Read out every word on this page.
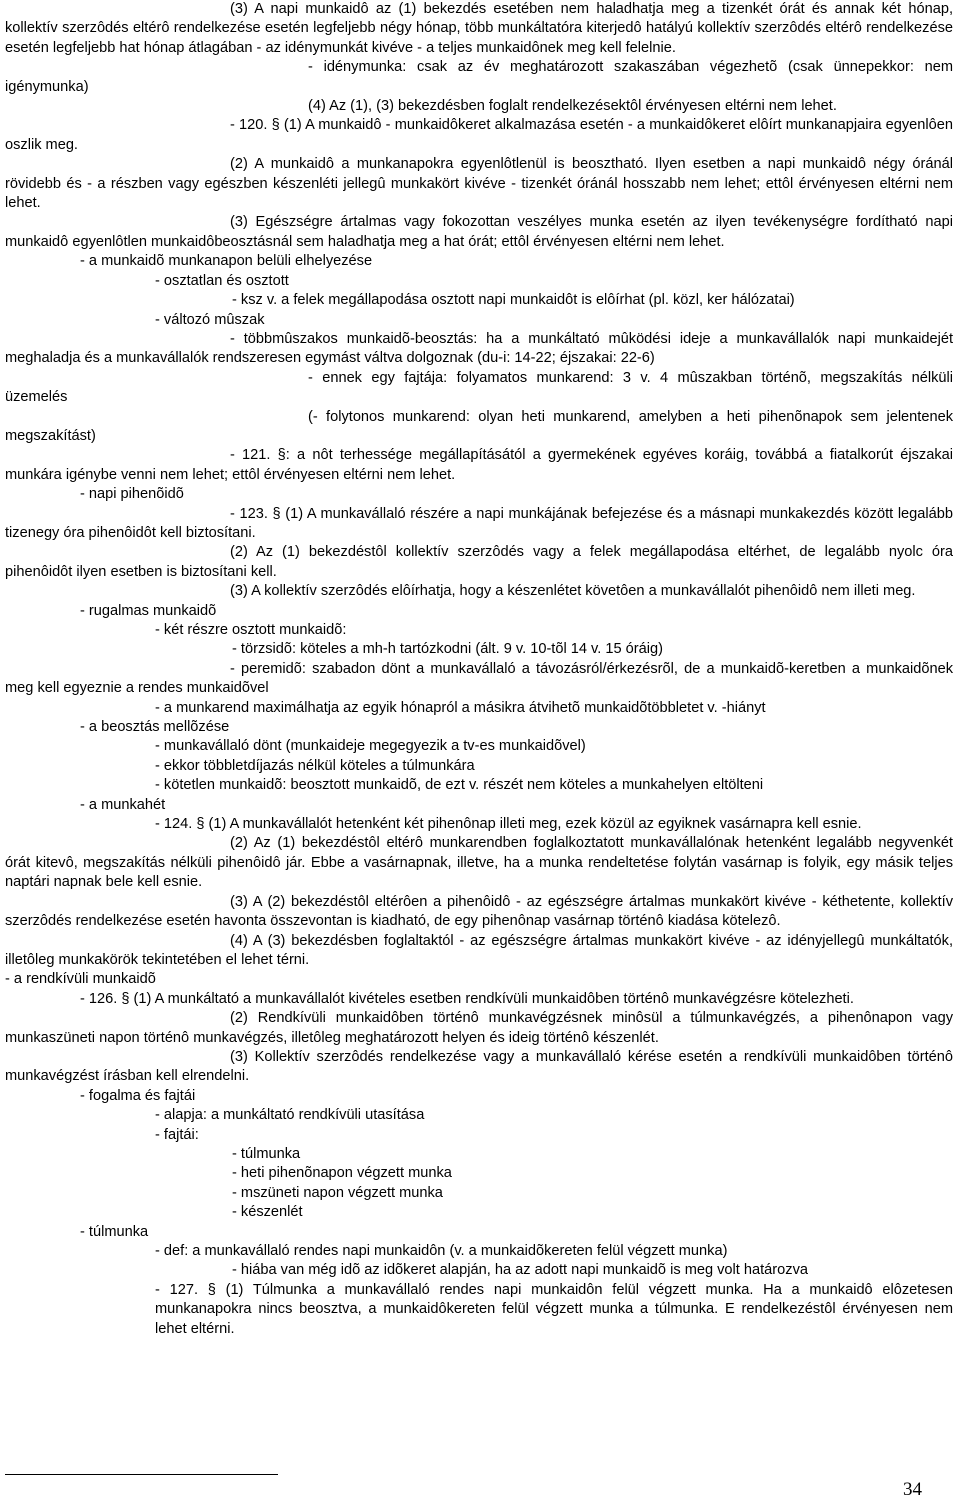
(3) A napi munkaidô az (1) bekezdés esetében nem haladhatja meg a tizenkét órát és annak két hónap, kollektív szerzôdés eltérô rendelkezése esetén legfeljebb négy hónap, több munkáltatóra kiterjedô hatályú kollektív szerzôdés eltérô rendelkezése esetén legfeljebb hat hónap átlagában - az idénymunkát kivéve - a teljes munkaidônek meg kell felelnie.

- idénymunka: csak az év meghatározott szakaszában végezhetõ (csak ünnepekkor: nem igénymunka)

(4) Az (1), (3) bekezdésben foglalt rendelkezésektôl érvényesen eltérni nem lehet.

- 120. § (1) A munkaidô - munkaidôkeret alkalmazása esetén - a munkaidôkeret elôírt munkanapjaira egyenlôen oszlik meg.

(2) A munkaidô a munkanapokra egyenlôtlenül is beosztható. Ilyen esetben a napi munkaidô négy óránál rövidebb és - a részben vagy egészben készenléti jellegû munkakört kivéve - tizenkét óránál hosszabb nem lehet; ettôl érvényesen eltérni nem lehet.

(3) Egészségre ártalmas vagy fokozottan veszélyes munka esetén az ilyen tevékenységre fordítható napi munkaidô egyenlôtlen munkaidôbeosztásnál sem haladhatja meg a hat órát; ettôl érvényesen eltérni nem lehet.

- a munkaidõ munkanapon belüli elhelyezése

- osztatlan és osztott

- ksz v. a felek megállapodása osztott napi munkaidôt is elôírhat (pl. közl, ker hálózatai)

- változó mûszak

- többmûszakos munkaidõ-beosztás: ha a munkáltató mûködési ideje a munkavállalók napi munkaidejét meghaladja és a munkavállalók rendszeresen egymást váltva dolgoznak (du-i: 14-22; éjszakai: 22-6)

- ennek egy fajtája: folyamatos munkarend: 3 v. 4 mûszakban történõ, megszakítás nélküli üzemelés

(- folytonos munkarend: olyan heti munkarend, amelyben a heti pihenõnapok sem jelentenek megszakítást)

- 121. §: a nôt terhessége megállapításától a gyermekének egyéves koráig, továbbá a fiatalkorút éjszakai munkára igénybe venni nem lehet; ettôl érvényesen eltérni nem lehet.

- napi pihenõidõ

- 123. § (1) A munkavállaló részére a napi munkájának befejezése és a másnapi munkakezdés között legalább tizenegy óra pihenôidôt kell biztosítani.

(2) Az (1) bekezdéstôl kollektív szerzôdés vagy a felek megállapodása eltérhet, de legalább nyolc óra pihenôidôt ilyen esetben is biztosítani kell.

(3) A kollektív szerzôdés elôírhatja, hogy a készenlétet követôen a munkavállalót pihenôidô nem illeti meg.

- rugalmas munkaidõ

- két részre osztott munkaidõ:

- törzsidõ: köteles a mh-h tartózkodni (ált. 9 v. 10-tõl 14 v. 15 óráig)

- peremidõ: szabadon dönt a munkavállaló a távozásról/érkezésrõl, de a munkaidõ-keretben a munkaidõnek meg kell egyeznie a rendes munkaidõvel

- a munkarend maximálhatja az egyik hónapról a másikra átvihetõ munkaidõtöbbletet v. -hiányt

- a beosztás mellõzése

- munkavállaló dönt (munkaideje megegyezik a tv-es munkaidõvel)

- ekkor többletdíjazás nélkül köteles a túlmunkára

- kötetlen munkaidõ: beosztott munkaidõ, de ezt v. részét nem köteles a munkahelyen eltölteni

- a munkahét

- 124. § (1) A munkavállalót hetenként két pihenônap illeti meg, ezek közül az egyiknek vasárnapra kell esnie.

(2) Az (1) bekezdéstôl eltérô munkarendben foglalkoztatott munkavállalónak hetenként legalább negyvenkét órát kitevô, megszakítás nélküli pihenôidô jár. Ebbe a vasárnapnak, illetve, ha a munka rendeltetése folytán vasárnap is folyik, egy másik teljes naptári napnak bele kell esnie.

(3) A (2) bekezdéstôl eltérôen a pihenôidô - az egészségre ártalmas munkakört kivéve - kéthetente, kollektív szerzôdés rendelkezése esetén havonta összevontan is kiadható, de egy pihenônap vasárnap történô kiadása kötelezô.

(4) A (3) bekezdésben foglaltaktól - az egészségre ártalmas munkakört kivéve - az idényjellegû munkáltatók, illetôleg munkakörök tekintetében el lehet térni.

- a rendkívüli munkaidõ

- 126. § (1) A munkáltató a munkavállalót kivételes esetben rendkívüli munkaidôben történô munkavégzésre kötelezheti.

(2) Rendkívüli munkaidôben történô munkavégzésnek minôsül a túlmunkavégzés, a pihenônapon vagy munkaszüneti napon történô munkavégzés, illetôleg meghatározott helyen és ideig történô készenlét.

(3) Kollektív szerzôdés rendelkezése vagy a munkavállaló kérése esetén a rendkívüli munkaidôben történô munkavégzést írásban kell elrendelni.

- fogalma és fajtái

- alapja: a munkáltató rendkívüli utasítása

- fajtái:

- túlmunka

- heti pihenõnapon végzett munka

- mszüneti napon végzett munka

- készenlét

- túlmunka

- def: a munkavállaló rendes napi munkaidôn (v. a munkaidõkereten felül végzett munka)

- hiába van még idõ az idõkeret alapján, ha az adott napi munkaidõ is meg volt határozva

- 127. § (1) Túlmunka a munkavállaló rendes napi munkaidôn felül végzett munka. Ha a munkaidô elôzetesen munkanapokra nincs beosztva, a munkaidôkereten felül végzett munka a túlmunka. E rendelkezéstôl érvényesen nem lehet eltérni.

34
